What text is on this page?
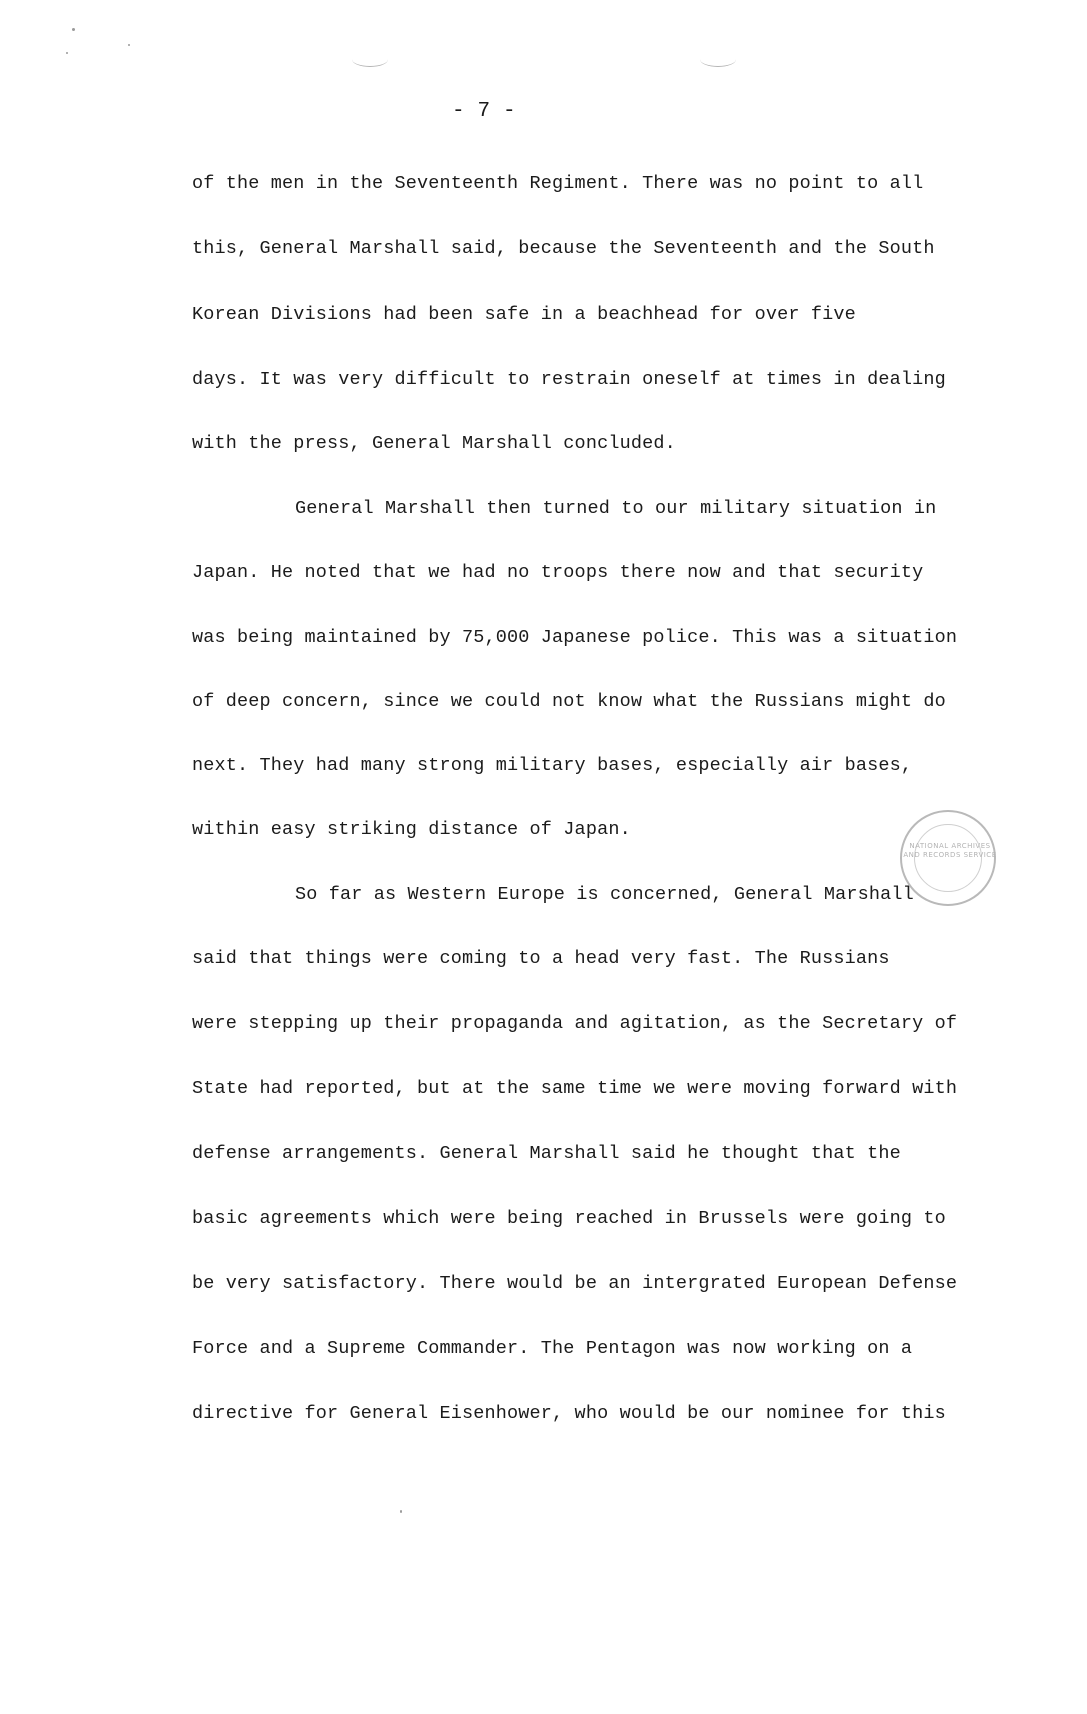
- 7 -
of the men in the Seventeenth Regiment. There was no point to all
this, General Marshall said, because the Seventeenth and the South
Korean Divisions had been safe in a beachhead for over five
days. It was very difficult to restrain oneself at times in dealing
with the press, General Marshall concluded.
General Marshall then turned to our military situation in
Japan. He noted that we had no troops there now and that security
was being maintained by 75,000 Japanese police. This was a situation
of deep concern, since we could not know what the Russians might do
next. They had many strong military bases, especially air bases,
within easy striking distance of Japan.
So far as Western Europe is concerned, General Marshall
said that things were coming to a head very fast. The Russians
were stepping up their propaganda and agitation, as the Secretary of
State had reported, but at the same time we were moving forward with
defense arrangements. General Marshall said he thought that the
basic agreements which were being reached in Brussels were going to
be very satisfactory. There would be an intergrated European Defense
Force and a Supreme Commander. The Pentagon was now working on a
directive for General Eisenhower, who would be our nominee for this
NATIONAL ARCHIVES AND RECORDS SERVICE
